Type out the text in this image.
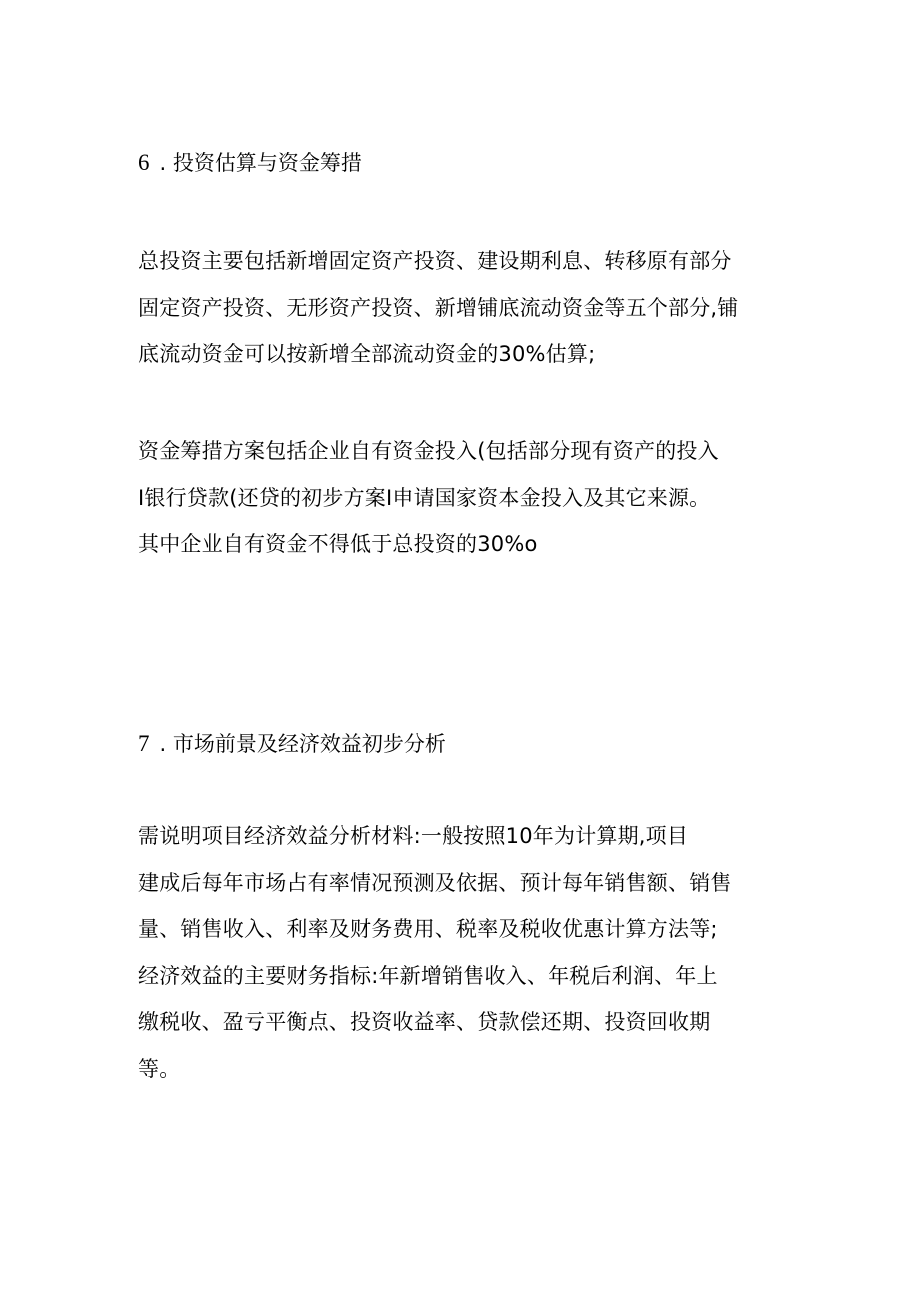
6 . 投资估算与资金筹措
总投资主要包括新增固定资产投资、建设期利息、转移原有部分
固定资产投资、无形资产投资、新增铺底流动资金等五个部分,铺
底流动资金可以按新增全部流动资金的30%估算;
资金筹措方案包括企业自有资金投入(包括部分现有资产的投入
I银行贷款(还贷的初步方案I申请国家资本金投入及其它来源。
其中企业自有资金不得低于总投资的30%o
7 . 市场前景及经济效益初步分析
需说明项目经济效益分析材料:一般按照10年为计算期,项目
建成后每年市场占有率情况预测及依据、预计每年销售额、销售
量、销售收入、利率及财务费用、税率及税收优惠计算方法等;
经济效益的主要财务指标:年新增销售收入、年税后利润、年上
缴税收、盈亏平衡点、投资收益率、贷款偿还期、投资回收期
等。
